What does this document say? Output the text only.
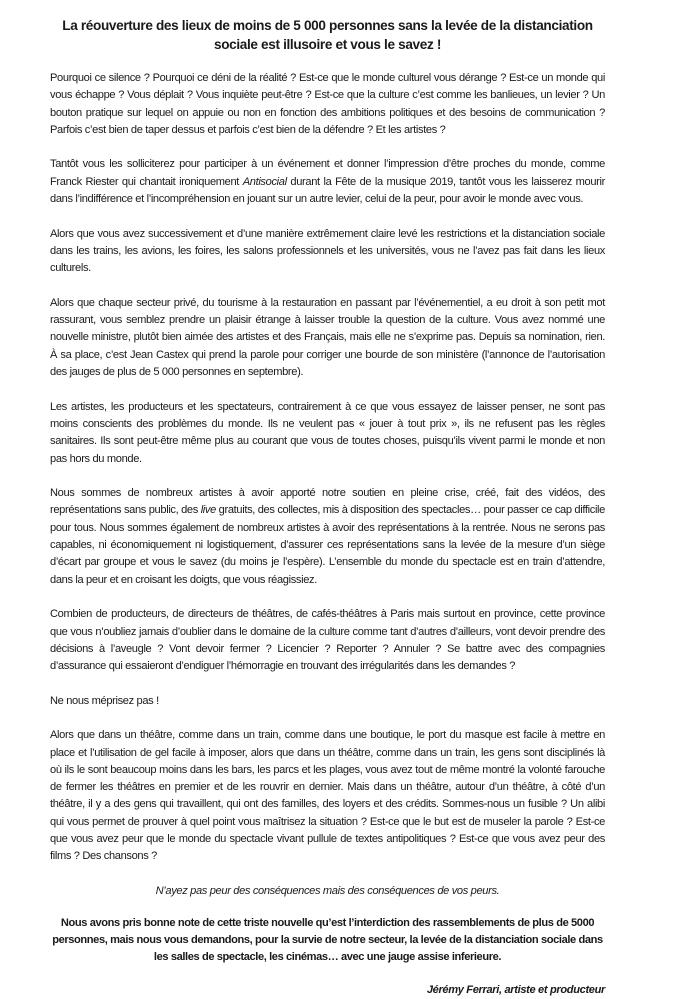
La réouverture des lieux de moins de 5 000 personnes sans la levée de la distanciation sociale est illusoire et vous le savez !

Pourquoi ce silence ? Pourquoi ce déni de la réalité ? Est-ce que le monde culturel vous dérange ? Est-ce un monde qui vous échappe ? Vous déplait ? Vous inquiète peut-être ? Est-ce que la culture c’est comme les banlieues, un levier ? Un bouton pratique sur lequel on appuie ou non en fonction des ambitions politiques et des besoins de communication ? Parfois c’est bien de taper dessus et parfois c’est bien de la défendre ? Et les artistes ?

Tantôt vous les solliciterez pour participer à un événement et donner l’impression d’être proches du monde, comme Franck Riester qui chantait ironiquement Antisocial durant la Fête de la musique 2019, tantôt vous les laisserez mourir dans l’indifférence et l’incompréhension en jouant sur un autre levier, celui de la peur, pour avoir le monde avec vous.

Alors que vous avez successivement et d’une manière extrêmement claire levé les restrictions et la distanciation sociale dans les trains, les avions, les foires, les salons professionnels et les universités, vous ne l’avez pas fait dans les lieux culturels.

Alors que chaque secteur privé, du tourisme à la restauration en passant par l’événementiel, a eu droit à son petit mot rassurant, vous semblez prendre un plaisir étrange à laisser trouble la question de la culture. Vous avez nommé une nouvelle ministre, plutôt bien aimée des artistes et des Français, mais elle ne s’exprime pas. Depuis sa nomination, rien. À sa place, c’est Jean Castex qui prend la parole pour corriger une bourde de son ministère (l’annonce de l’autorisation des jauges de plus de 5 000 personnes en septembre).

Les artistes, les producteurs et les spectateurs, contrairement à ce que vous essayez de laisser penser, ne sont pas moins conscients des problèmes du monde. Ils ne veulent pas « jouer à tout prix », ils ne refusent pas les règles sanitaires. Ils sont peut-être même plus au courant que vous de toutes choses, puisqu’ils vivent parmi le monde et non pas hors du monde.

Nous sommes de nombreux artistes à avoir apporté notre soutien en pleine crise, créé, fait des vidéos, des représentations sans public, des live gratuits, des collectes, mis à disposition des spectacles… pour passer ce cap difficile pour tous. Nous sommes également de nombreux artistes à avoir des représentations à la rentrée. Nous ne serons pas capables, ni économiquement ni logistiquement, d’assurer ces représentations sans la levée de la mesure d’un siège d’écart par groupe et vous le savez (du moins je l’espère). L’ensemble du monde du spectacle est en train d’attendre, dans la peur et en croisant les doigts, que vous réagissiez.

Combien de producteurs, de directeurs de théâtres, de cafés-théâtres à Paris mais surtout en province, cette province que vous n’oubliez jamais d’oublier dans le domaine de la culture comme tant d’autres d’ailleurs, vont devoir prendre des décisions à l’aveugle ? Vont devoir fermer ? Licencier ? Reporter ? Annuler ? Se battre avec des compagnies d’assurance qui essaieront d’endiguer l’hémorragie en trouvant des irrégularités dans les demandes ?

Ne nous méprisez pas !

Alors que dans un théâtre, comme dans un train, comme dans une boutique, le port du masque est facile à mettre en place et l’utilisation de gel facile à imposer, alors que dans un théâtre, comme dans un train, les gens sont disciplinés là où ils le sont beaucoup moins dans les bars, les parcs et les plages, vous avez tout de même montré la volonté farouche de fermer les théâtres en premier et de les rouvrir en dernier. Mais dans un théâtre, autour d’un théâtre, à côté d’un théâtre, il y a des gens qui travaillent, qui ont des familles, des loyers et des crédits. Sommes-nous un fusible ? Un alibi qui vous permet de prouver à quel point vous maîtrisez la situation ? Est-ce que le but est de museler la parole ? Est-ce que vous avez peur que le monde du spectacle vivant pullule de textes antipolitiques ? Est-ce que vous avez peur des films ? Des chansons ?

N’ayez pas peur des conséquences mais des conséquences de vos peurs.

Nous avons pris bonne note de cette triste nouvelle qu’est l’interdiction des rassemblements de plus de 5000 personnes, mais nous vous demandons, pour la survie de notre secteur, la levée de la distanciation sociale dans les salles de spectacle, les cinémas… avec une jauge assise inferieure.

Jérémy Ferrari, artiste et producteur
